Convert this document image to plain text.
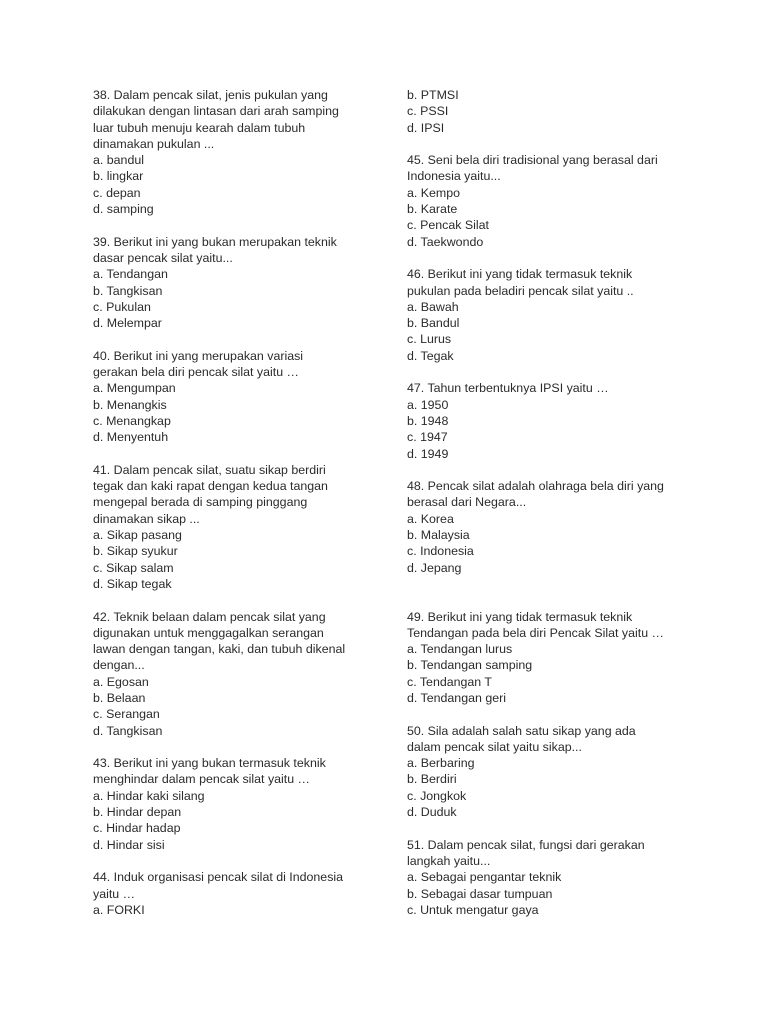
38. Dalam pencak silat, jenis pukulan yang
dilakukan dengan lintasan dari arah samping
luar tubuh menuju kearah dalam tubuh
dinamakan pukulan ...
a. bandul
b. lingkar
c. depan
d. samping
39. Berikut ini yang bukan merupakan teknik
dasar pencak silat yaitu...
a. Tendangan
b. Tangkisan
c. Pukulan
d. Melempar
40. Berikut ini yang merupakan variasi
gerakan bela diri pencak silat yaitu …
a. Mengumpan
b. Menangkis
c. Menangkap
d. Menyentuh
41. Dalam pencak silat, suatu sikap berdiri
tegak dan kaki rapat dengan kedua tangan
mengepal berada di samping pinggang
dinamakan sikap ...
a. Sikap pasang
b. Sikap syukur
c. Sikap salam
d. Sikap tegak
42. Teknik belaan dalam pencak silat yang
digunakan untuk menggagalkan serangan
lawan dengan tangan, kaki, dan tubuh dikenal
dengan...
a. Egosan
b. Belaan
c. Serangan
d. Tangkisan
43. Berikut ini yang bukan termasuk teknik
menghindar dalam pencak silat yaitu …
a. Hindar kaki silang
b. Hindar depan
c. Hindar hadap
d. Hindar sisi
44. Induk organisasi pencak silat di Indonesia
yaitu …
a. FORKI
b. PTMSI
c. PSSI
d. IPSI
45. Seni bela diri tradisional yang berasal dari
Indonesia yaitu...
a. Kempo
b. Karate
c. Pencak Silat
d. Taekwondo
46. Berikut ini yang tidak termasuk teknik
pukulan pada beladiri pencak silat yaitu ..
a. Bawah
b. Bandul
c. Lurus
d. Tegak
47. Tahun terbentuknya IPSI yaitu …
a. 1950
b. 1948
c. 1947
d. 1949
48. Pencak silat adalah olahraga bela diri yang
berasal dari Negara...
a. Korea
b. Malaysia
c. Indonesia
d. Jepang
49. Berikut ini yang tidak termasuk teknik
Tendangan pada bela diri Pencak Silat yaitu …
a. Tendangan lurus
b. Tendangan samping
c. Tendangan T
d. Tendangan geri
50. Sila adalah salah satu sikap yang ada
dalam pencak silat yaitu sikap...
a. Berbaring
b. Berdiri
c. Jongkok
d. Duduk
51. Dalam pencak silat, fungsi dari gerakan
langkah yaitu...
a. Sebagai pengantar teknik
b. Sebagai dasar tumpuan
c. Untuk mengatur gaya
